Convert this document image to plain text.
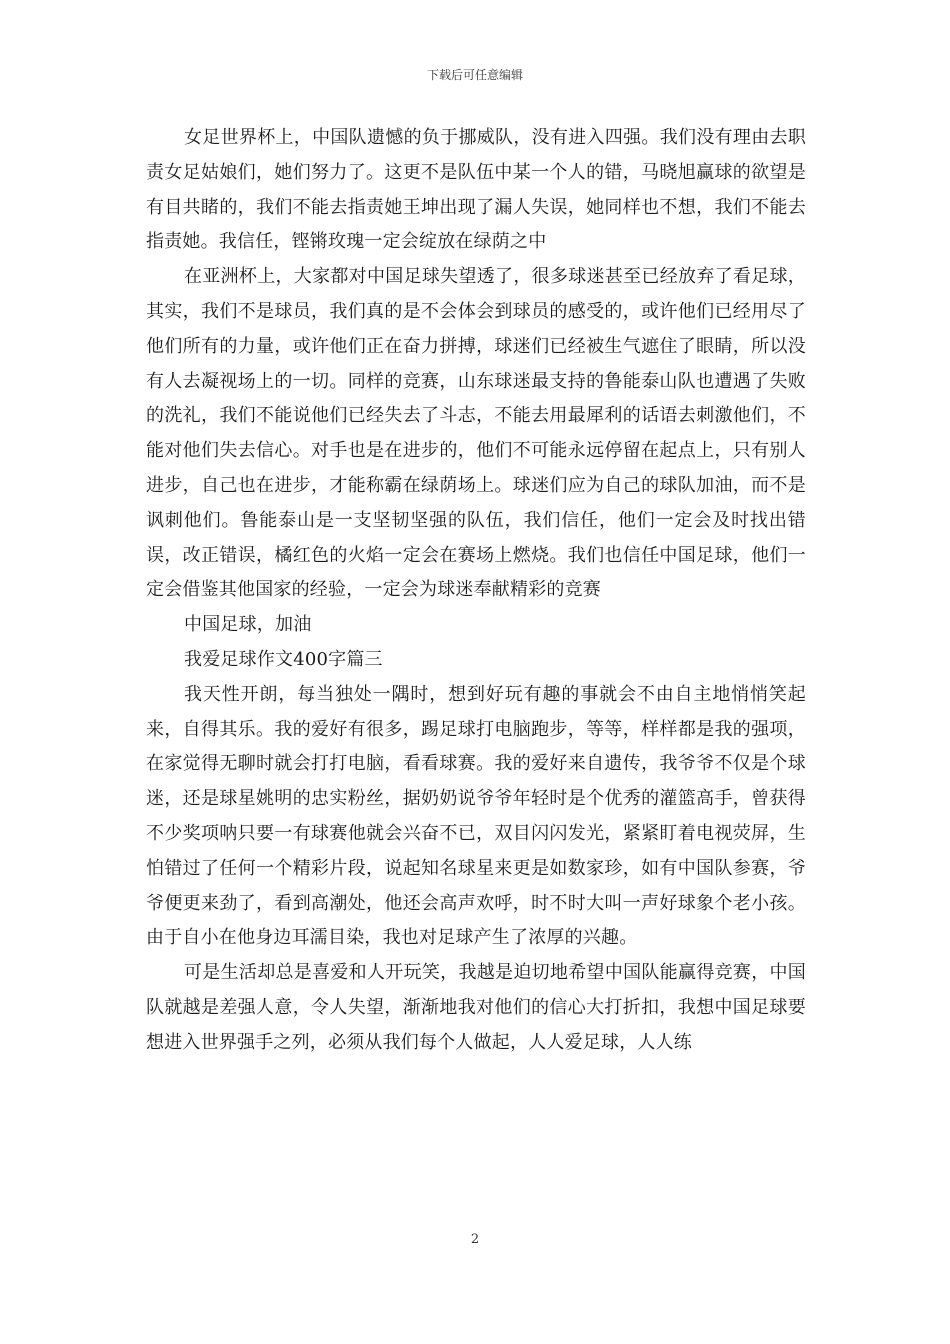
下载后可任意编辑

女足世界杯上，中国队遗憾的负于挪威队，没有进入四强。我们没有理由去职责女足姑娘们，她们努力了。这更不是队伍中某一个人的错，马晓旭赢球的欲望是有目共睹的，我们不能去指责她王坤出现了漏人失误，她同样也不想，我们不能去指责她。我信任，铿锵玫瑰一定会绽放在绿荫之中

在亚洲杯上，大家都对中国足球失望透了，很多球迷甚至已经放弃了看足球，其实，我们不是球员，我们真的是不会体会到球员的感受的，或许他们已经用尽了他们所有的力量，或许他们正在奋力拼搏，球迷们已经被生气遮住了眼睛，所以没有人去凝视场上的一切。同样的竞赛，山东球迷最支持的鲁能泰山队也遭遇了失败的洗礼，我们不能说他们已经失去了斗志，不能去用最犀利的话语去刺激他们，不能对他们失去信心。对手也是在进步的，他们不可能永远停留在起点上，只有别人进步，自己也在进步，才能称霸在绿荫场上。球迷们应为自己的球队加油，而不是讽刺他们。鲁能泰山是一支坚韧坚强的队伍，我们信任，他们一定会及时找出错误，改正错误，橘红色的火焰一定会在赛场上燃烧。我们也信任中国足球，他们一定会借鉴其他国家的经验，一定会为球迷奉献精彩的竞赛

中国足球，加油

我爱足球作文400字篇三

我天性开朗，每当独处一隅时，想到好玩有趣的事就会不由自主地悄悄笑起来，自得其乐。我的爱好有很多，踢足球打电脑跑步，等等，样样都是我的强项，在家觉得无聊时就会打打电脑，看看球赛。我的爱好来自遗传，我爷爷不仅是个球迷，还是球星姚明的忠实粉丝，据奶奶说爷爷年轻时是个优秀的灌篮高手，曾获得不少奖项呐只要一有球赛他就会兴奋不已，双目闪闪发光，紧紧盯着电视荧屏，生怕错过了任何一个精彩片段，说起知名球星来更是如数家珍，如有中国队参赛，爷爷便更来劲了，看到高潮处，他还会高声欢呼，时不时大叫一声好球象个老小孩。由于自小在他身边耳濡目染，我也对足球产生了浓厚的兴趣。

可是生活却总是喜爱和人开玩笑，我越是迫切地希望中国队能赢得竞赛，中国队就越是差强人意，令人失望，渐渐地我对他们的信心大打折扣，我想中国足球要想进入世界强手之列，必须从我们每个人做起，人人爱足球，人人练

2
